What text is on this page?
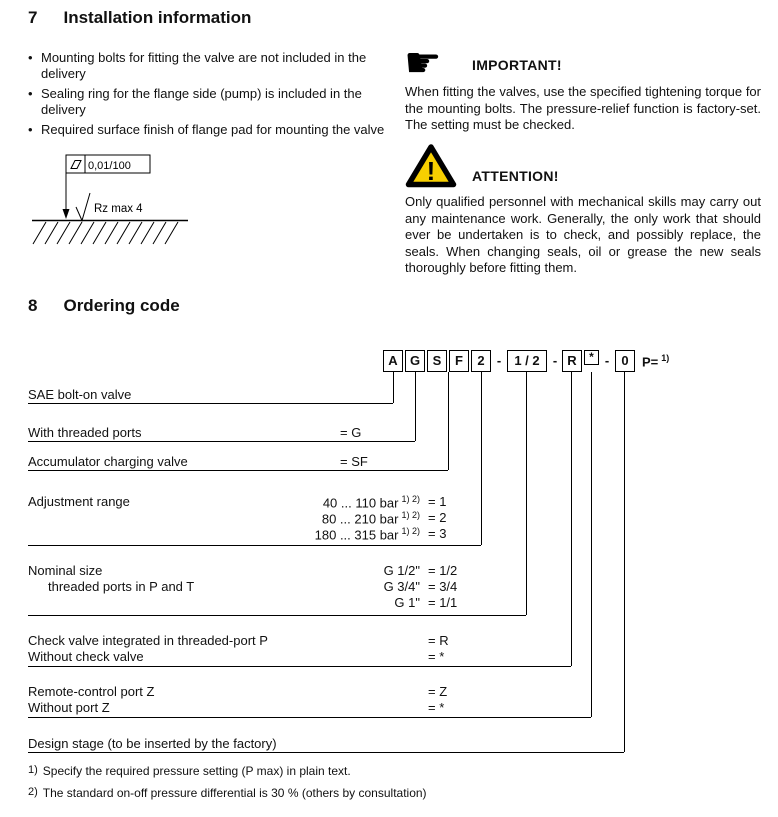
7 Installation information
• Mounting bolts for fitting the valve are not included in the delivery
• Sealing ring for the flange side (pump) is included in the delivery
• Required surface finish of flange pad for mounting the valve
0,01/100
Rz max 4
☛ IMPORTANT!
When fitting the valves, use the specified tightening torque for the mounting bolts. The pressure-relief function is factory-set. The setting must be checked.
!	ATTENTION!
Only qualified personnel with mechanical skills may carry out any maintenance work. Generally, the only work that should ever be undertaken is to check, and possibly replace, the seals. When changing seals, oil or grease the new seals thoroughly before fitting them.
8 Ordering code
A G S	F	2 -	1 / 2	- R	* - 0	P= $^{1)}$
SAE bolt-on valve
With threaded ports	= G
Accumulator charging valve	= SF
Adjustment range	40 ... 110 bar $^{1) 2)}$ = 1
80 ... 210 bar $^{1) 2)}$ = 2
180 ... 315 bar $^{1) 2)}$ = 3
Nominal size
threaded ports in P and T
G 1/2" = 1/2
G 3/4" = 3/4
G 1" = 1/1
Check valve integrated in threaded-port P	= R
Without check valve	= *
Remote-control port Z	= Z
Without port Z	= *
Design stage (to be inserted by the factory)
1) Specify the required pressure setting (P max) in plain text.
2) The standard on-off pressure differential is 30 % (others by consultation)
